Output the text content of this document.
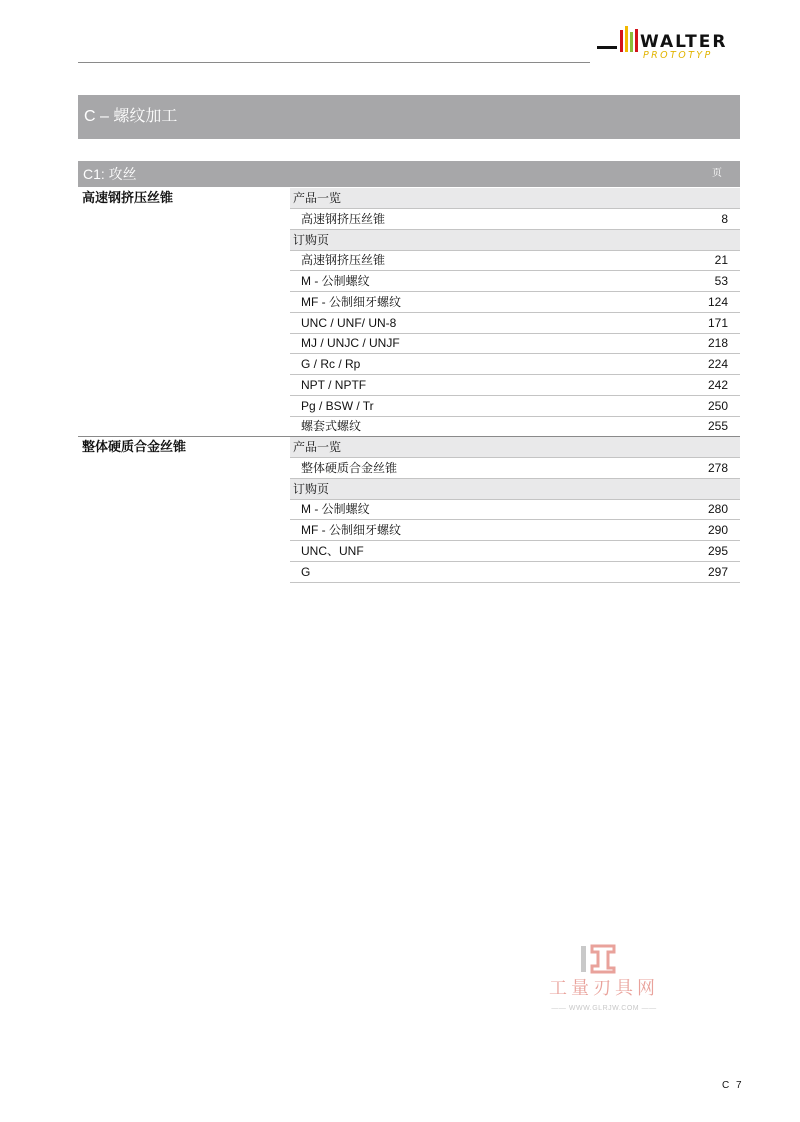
WALTER
PROTOTYP
C – 螺纹加工
C1: 攻丝	页
高速钢挤压丝锥	产品一览
高速钢挤压丝锥	8
订购页
高速钢挤压丝锥	21
M - 公制螺纹	53
MF - 公制细牙螺纹	124
UNC / UNF/ UN-8	171
MJ / UNJC / UNJF	218
G / Rc / Rp	224
NPT / NPTF	242
Pg / BSW / Tr	250
螺套式螺纹	255
整体硬质合金丝锥	产品一览
整体硬质合金丝锥	278
订购页
M - 公制螺纹	280
MF - 公制细牙螺纹	290
UNC、UNF	295
G	297
工量刃具网
—— WWW.GLRJW.COM ——
C 7
